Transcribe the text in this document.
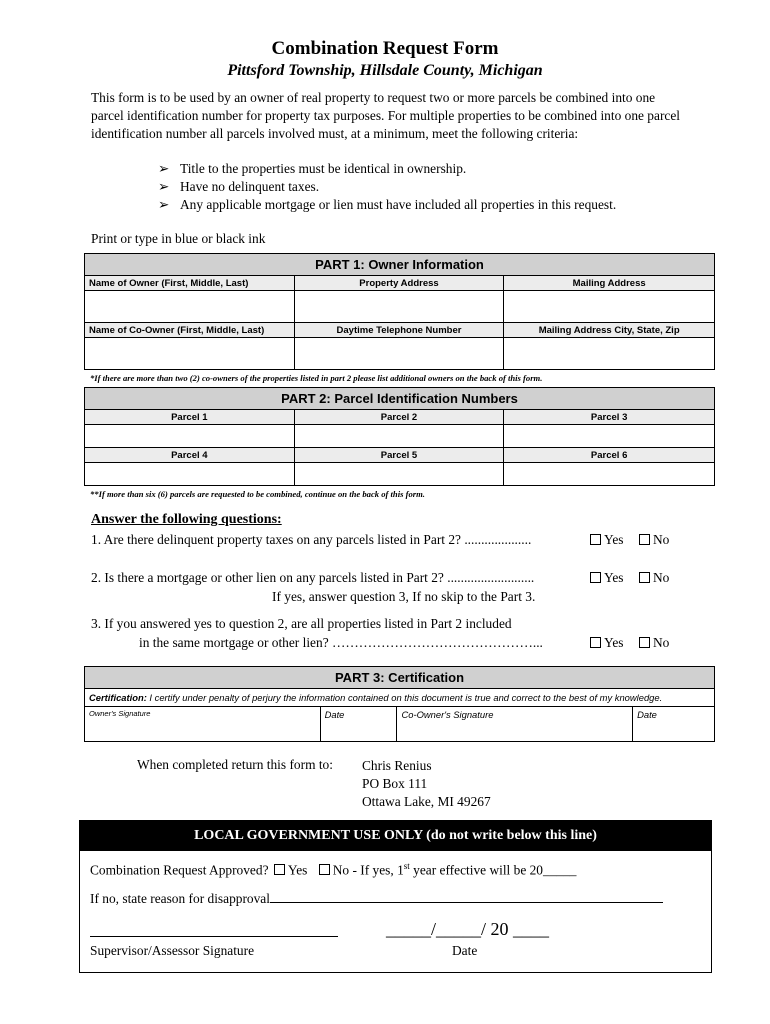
Combination Request Form
Pittsford Township, Hillsdale County, Michigan
This form is to be used by an owner of real property to request two or more parcels be combined into one parcel identification number for property tax purposes. For multiple properties to be combined into one parcel identification number all parcels involved must, at a minimum, meet the following criteria:
➢ Title to the properties must be identical in ownership.
➢ Have no delinquent taxes.
➢ Any applicable mortgage or lien must have included all properties in this request.
Print or type in blue or black ink
PART 1: Owner Information		
Name of Owner (First, Middle, Last)	Property Address	Mailing Address

Name of Co-Owner (First, Middle, Last)	Daytime Telephone Number	Mailing Address City, State, Zip

*If there are more than two (2) co-owners of the properties listed in part 2 please list additional owners on the back of this form.
PART 2: Parcel Identification Numbers		
Parcel 1	Parcel 2	Parcel 3

Parcel 4	Parcel 5	Parcel 6

**If more than six (6) parcels are requested to be combined, continue on the back of this form.
Answer the following questions:
1. Are there delinquent property taxes on any parcels listed in Part 2? ....................	Yes	No
2. Is there a mortgage or other lien on any parcels listed in Part 2? ..........................	Yes	No
If yes, answer question 3, If no skip to the Part 3.
3. If you answered yes to question 2, are all properties listed in Part 2 included
in the same mortgage or other lien? ………………………………………...	Yes	No
PART 3: Certification
Certification: I certify under penalty of perjury the information contained on this document is true and correct to the best of my knowledge.
Owner's Signature	Date	Co-Owner's Signature	Date
When completed return this form to: Chris Renius
PO Box 111
Ottawa Lake, MI 49267
LOCAL GOVERNMENT USE ONLY (do not write below this line)
Combination Request Approved? Yes No - If yes, 1st year effective will be 20_____
If no, state reason for disapproval
_____/_____/ 20 ____
Supervisor/Assessor Signature	Date
